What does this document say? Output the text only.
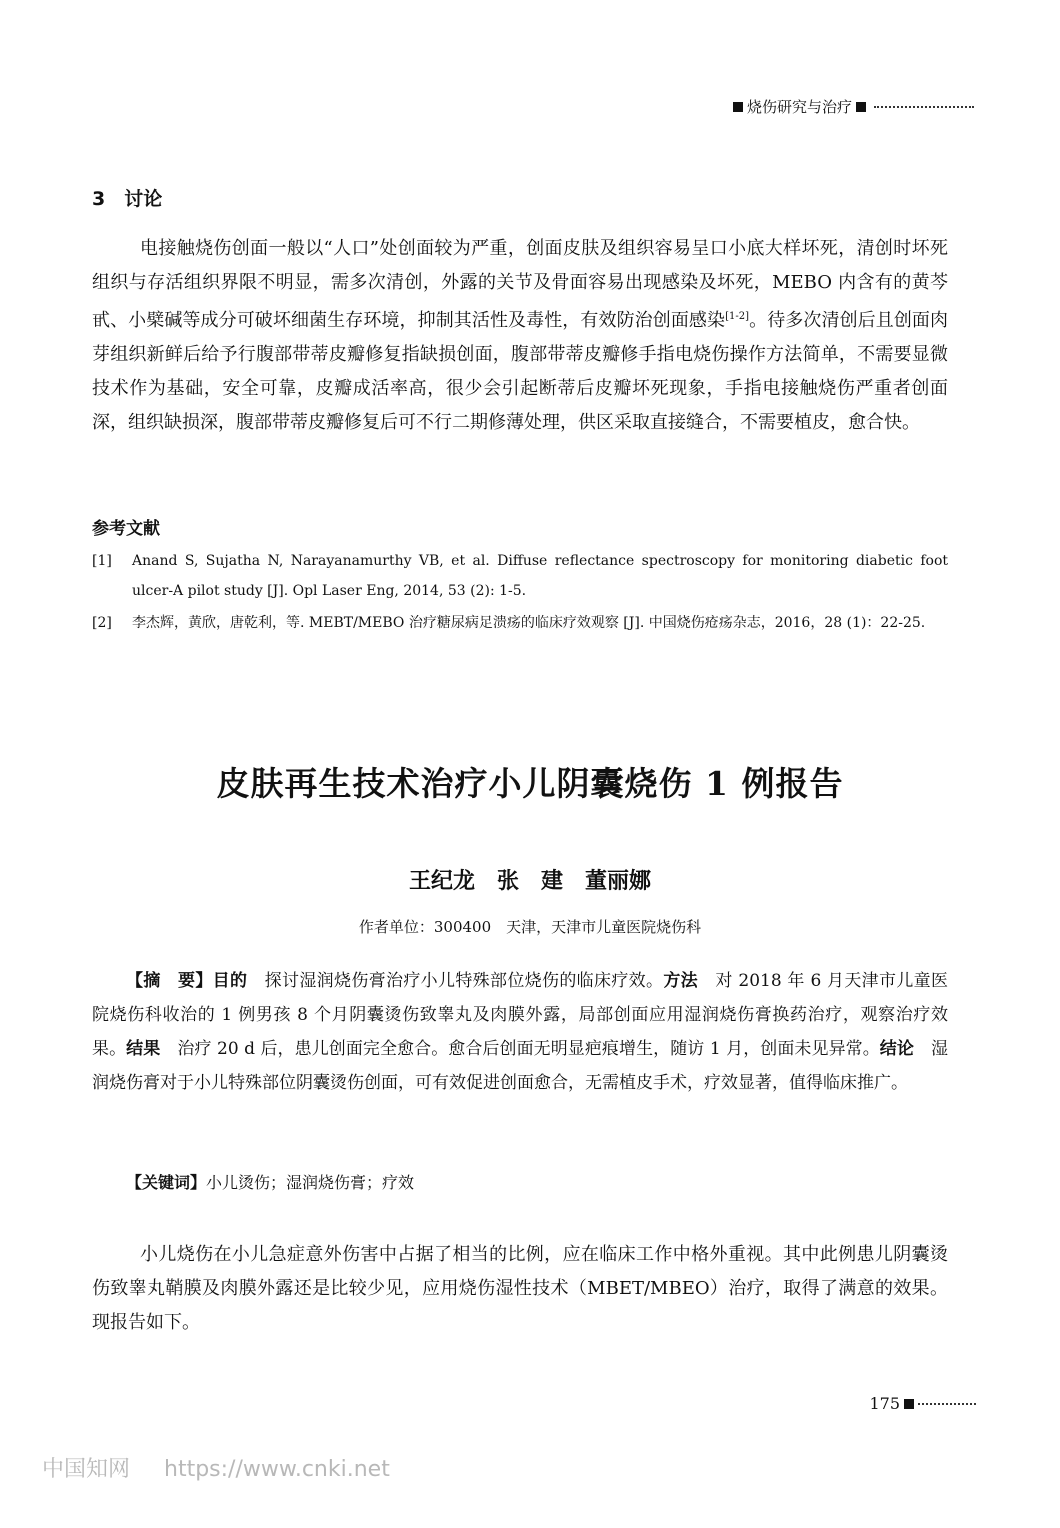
烧伤研究与治疗
3　讨论
电接触烧伤创面一般以“人口”处创面较为严重，创面皮肤及组织容易呈口小底大样坏死，清创时坏死组织与存活组织界限不明显，需多次清创，外露的关节及骨面容易出现感染及坏死，MEBO 内含有的黄芩甙、小檗碱等成分可破坏细菌生存环境，抑制其活性及毒性，有效防治创面感染[1-2]。待多次清创后且创面肉芽组织新鲜后给予行腹部带蒂皮瓣修复指缺损创面，腹部带蒂皮瓣修手指电烧伤操作方法简单，不需要显微技术作为基础，安全可靠，皮瓣成活率高，很少会引起断蒂后皮瓣坏死现象，手指电接触烧伤严重者创面深，组织缺损深，腹部带蒂皮瓣修复后可不行二期修薄处理，供区采取直接缝合，不需要植皮，愈合快。
参考文献
[1]	Anand S, Sujatha N, Narayanamurthy VB, et al. Diffuse reflectance spectroscopy for monitoring diabetic foot ulcer-A pilot study [J]. Opl Laser Eng, 2014, 53 (2): 1-5.
[2]	李杰辉，黄欣，唐乾利，等. MEBT/MEBO 治疗糖尿病足溃疡的临床疗效观察 [J]. 中国烧伤疮疡杂志，2016，28 (1)：22-25.
皮肤再生技术治疗小儿阴囊烧伤 1 例报告
王纪龙　张　建　董丽娜
作者单位：300400　天津，天津市儿童医院烧伤科
【摘　要】目的　探讨湿润烧伤膏治疗小儿特殊部位烧伤的临床疗效。方法　对 2018 年 6 月天津市儿童医院烧伤科收治的 1 例男孩 8 个月阴囊烫伤致睾丸及肉膜外露，局部创面应用湿润烧伤膏换药治疗，观察治疗效果。结果　治疗 20 d 后，患儿创面完全愈合。愈合后创面无明显疤痕增生，随访 1 月，创面未见异常。结论　湿润烧伤膏对于小儿特殊部位阴囊烫伤创面，可有效促进创面愈合，无需植皮手术，疗效显著，值得临床推广。
【关键词】小儿烫伤；湿润烧伤膏；疗效
小儿烧伤在小儿急症意外伤害中占据了相当的比例，应在临床工作中格外重视。其中此例患儿阴囊烫伤致睾丸鞘膜及肉膜外露还是比较少见，应用烧伤湿性技术（MBET/MBEO）治疗，取得了满意的效果。现报告如下。
175
中国知网 https://www.cnki.net
